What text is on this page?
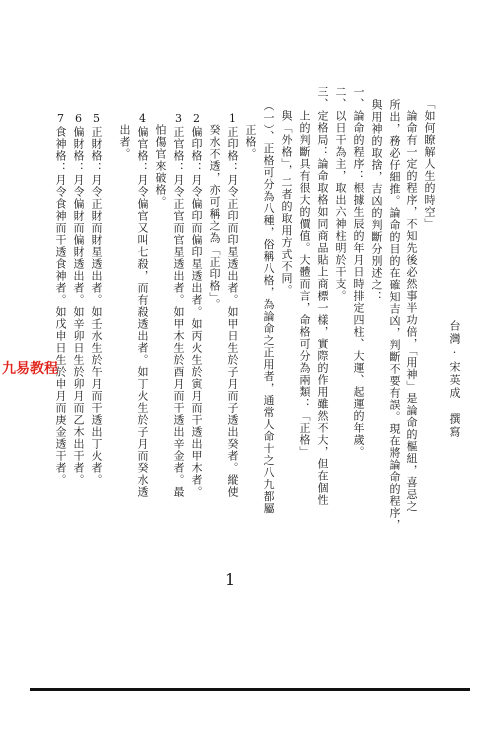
台灣·宋英成　撰寫
「如何瞭解人生的時空」
論命有一定的程序，不知先後必然事半功倍，「用神」是論命的樞紐，喜忌之
所出，務必仔細推。論命的目的在確知吉凶，判斷不要有誤。現在將論命的程序，
與用神的取捨，吉凶的判斷分別述之：
一、論命的程序：根據生辰的年月日時排定四柱、大運、起運的年歲。
二、以日干為主，取出六神柱明於干支。
三、定格局：論命取格如同商品貼上商標一樣，實際的作用雖然不大，但在個性
　　上的判斷具有很大的價值。大體而言，命格可分為兩類：「正格」
　　與「外格」，二者的取用方式不同。
（一）、正格可分為八種，俗稱八格，為論命之正用者，通常人命十之八九都屬
　　正格。
　1正印格：月令正印而印星透出者。如甲日生於子月而子透出癸者。縱使
　　癸水不透，亦可稱之為「正印格」。
　2偏印格：月令偏印而偏印星透出者。如丙火生於寅月而干透出甲木者。
　3正官格：月令正官而官星透出者。如甲木生於酉月而干透出辛金者。最
　　怕傷官來破格。
　4偏官格：月令偏官又叫七殺，而有殺透出者。如丁火生於子月而癸水透
　　出者。
　5正財格：月令正財而財星透出者。如壬水生於午月而干透出丁火者。
　6偏財格：月令偏財而偏財透出者。如辛卯日生於卯月而乙木出干者。
　7食神格：月令食神而干透食神者。如戊申日生於申月而庚金透干者。
九易教程
1
